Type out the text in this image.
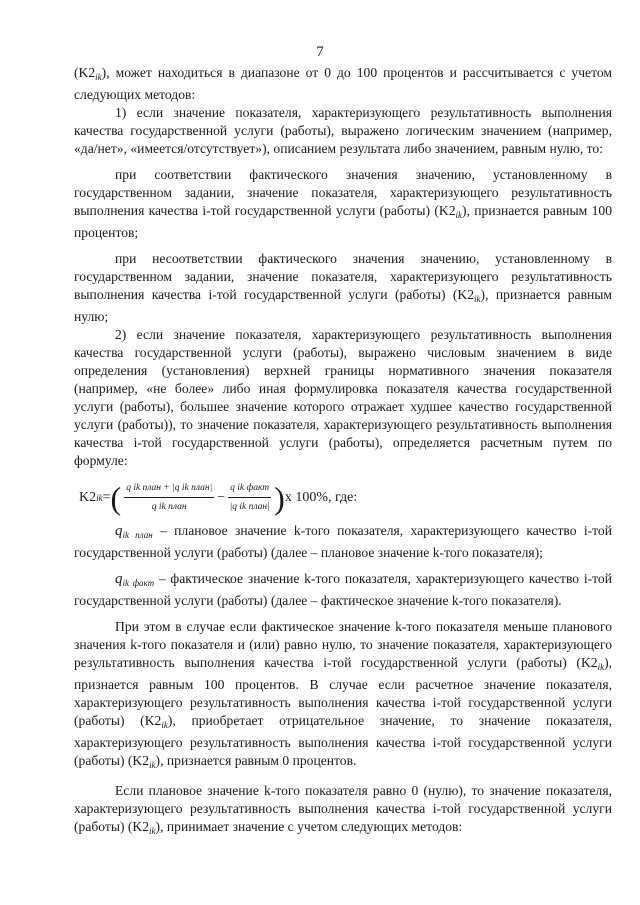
7

$(K2_{ik})$, может находиться в диапазоне от 0 до 100 процентов и рассчитывается с учетом следующих методов:

1) если значение показателя, характеризующего результативность выполнения качества государственной услуги (работы), выражено логическим значением (например, «да/нет», «имеется/отсутствует»), описанием результата либо значением, равным нулю, то:

при соответствии фактического значения значению, установленному в государственном задании, значение показателя, характеризующего результативность выполнения качества i-той государственной услуги (работы) $(K2_{ik})$, признается равным 100 процентов;

при несоответствии фактического значения значению, установленному в государственном задании, значение показателя, характеризующего результативность выполнения качества i-той государственной услуги (работы) $(K2_{ik})$, признается равным нулю;

2) если значение показателя, характеризующего результативность выполнения качества государственной услуги (работы), выражено числовым значением в виде определения (установления) верхней границы нормативного значения показателя (например, «не более» либо иная формулировка показателя качества государственной услуги (работы), большее значение которого отражает худшее качество государственной услуги (работы)), то значение показателя, характеризующего результативность выполнения качества i-той государственной услуги (работы), определяется расчетным путем по формуле:

K2 ik = ( $\frac{\text{q ik план + |q ik план|}}{\text{q ik план}} - \frac{\text{q ik факт}}{\text{|q ik план|}}$ ) x 100%, где:

$q_{ik план}$ – плановое значение k-того показателя, характеризующего качество i-той государственной услуги (работы) (далее – плановое значение k-того показателя);

$q_{ik факт}$ – фактическое значение k-того показателя, характеризующего качество i-той государственной услуги (работы) (далее – фактическое значение k-того показателя).

При этом в случае если фактическое значение k-того показателя меньше планового значения k-того показателя и (или) равно нулю, то значение показателя, характеризующего результативность выполнения качества i-той государственной услуги (работы) $(K2_{ik})$, признается равным 100 процентов. В случае если расчетное значение показателя, характеризующего результативность выполнения качества i-той государственной услуги (работы) $(K2_{ik})$, приобретает отрицательное значение, то значение показателя, характеризующего результативность выполнения качества i-той государственной услуги (работы) $(K2_{ik})$, признается равным 0 процентов.

Если плановое значение k-того показателя равно 0 (нулю), то значение показателя, характеризующего результативность выполнения качества i-той государственной услуги (работы) $(K2_{ik})$, принимает значение с учетом следующих методов:
